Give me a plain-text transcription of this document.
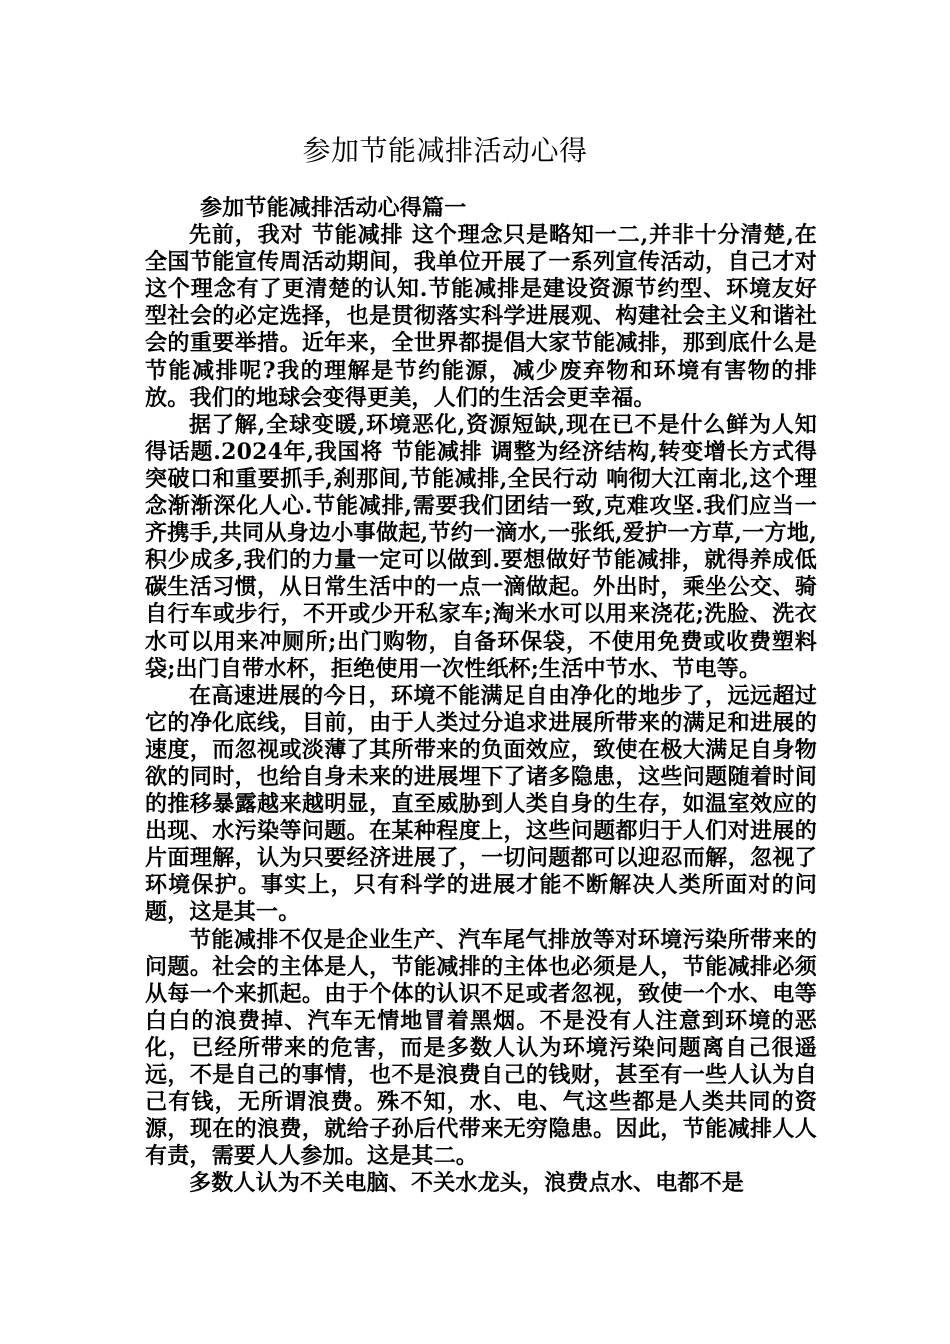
参加节能减排活动心得

参加节能减排活动心得篇一

先前，我对 节能减排 这个理念只是略知一二,并非十分清楚,在全国节能宣传周活动期间，我单位开展了一系列宣传活动，自己才对这个理念有了更清楚的认知.节能减排是建设资源节约型、环境友好型社会的必定选择，也是贯彻落实科学进展观、构建社会主义和谐社会的重要举措。近年来，全世界都提倡大家节能减排，那到底什么是节能减排呢?我的理解是节约能源，减少废弃物和环境有害物的排放。我们的地球会变得更美，人们的生活会更幸福。

据了解,全球变暖,环境恶化,资源短缺,现在已不是什么鲜为人知得话题.2024年,我国将 节能减排 调整为经济结构,转变增长方式得突破口和重要抓手,刹那间,节能减排,全民行动 响彻大江南北,这个理念渐渐深化人心.节能减排,需要我们团结一致,克难攻坚.我们应当一齐携手,共同从身边小事做起,节约一滴水,一张纸,爱护一方草,一方地,积少成多,我们的力量一定可以做到.要想做好节能减排，就得养成低碳生活习惯，从日常生活中的一点一滴做起。外出时，乘坐公交、骑自行车或步行，不开或少开私家车;淘米水可以用来浇花;洗脸、洗衣水可以用来冲厕所;出门购物，自备环保袋，不使用免费或收费塑料袋;出门自带水杯，拒绝使用一次性纸杯;生活中节水、节电等。

在高速进展的今日，环境不能满足自由净化的地步了，远远超过它的净化底线，目前，由于人类过分追求进展所带来的满足和进展的速度，而忽视或淡薄了其所带来的负面效应，致使在极大满足自身物欲的同时，也给自身未来的进展埋下了诸多隐患，这些问题随着时间的推移暴露越来越明显，直至威胁到人类自身的生存，如温室效应的出现、水污染等问题。在某种程度上，这些问题都归于人们对进展的片面理解，认为只要经济进展了，一切问题都可以迎忍而解，忽视了环境保护。事实上，只有科学的进展才能不断解决人类所面对的问题，这是其一。

节能减排不仅是企业生产、汽车尾气排放等对环境污染所带来的问题。社会的主体是人，节能减排的主体也必须是人，节能减排必须从每一个来抓起。由于个体的认识不足或者忽视，致使一个水、电等白白的浪费掉、汽车无情地冒着黑烟。不是没有人注意到环境的恶化，已经所带来的危害，而是多数人认为环境污染问题离自己很遥远，不是自己的事情，也不是浪费自己的钱财，甚至有一些人认为自己有钱，无所谓浪费。殊不知，水、电、气这些都是人类共同的资源，现在的浪费，就给子孙后代带来无穷隐患。因此，节能减排人人有责，需要人人参加。这是其二。

多数人认为不关电脑、不关水龙头，浪费点水、电都不是
